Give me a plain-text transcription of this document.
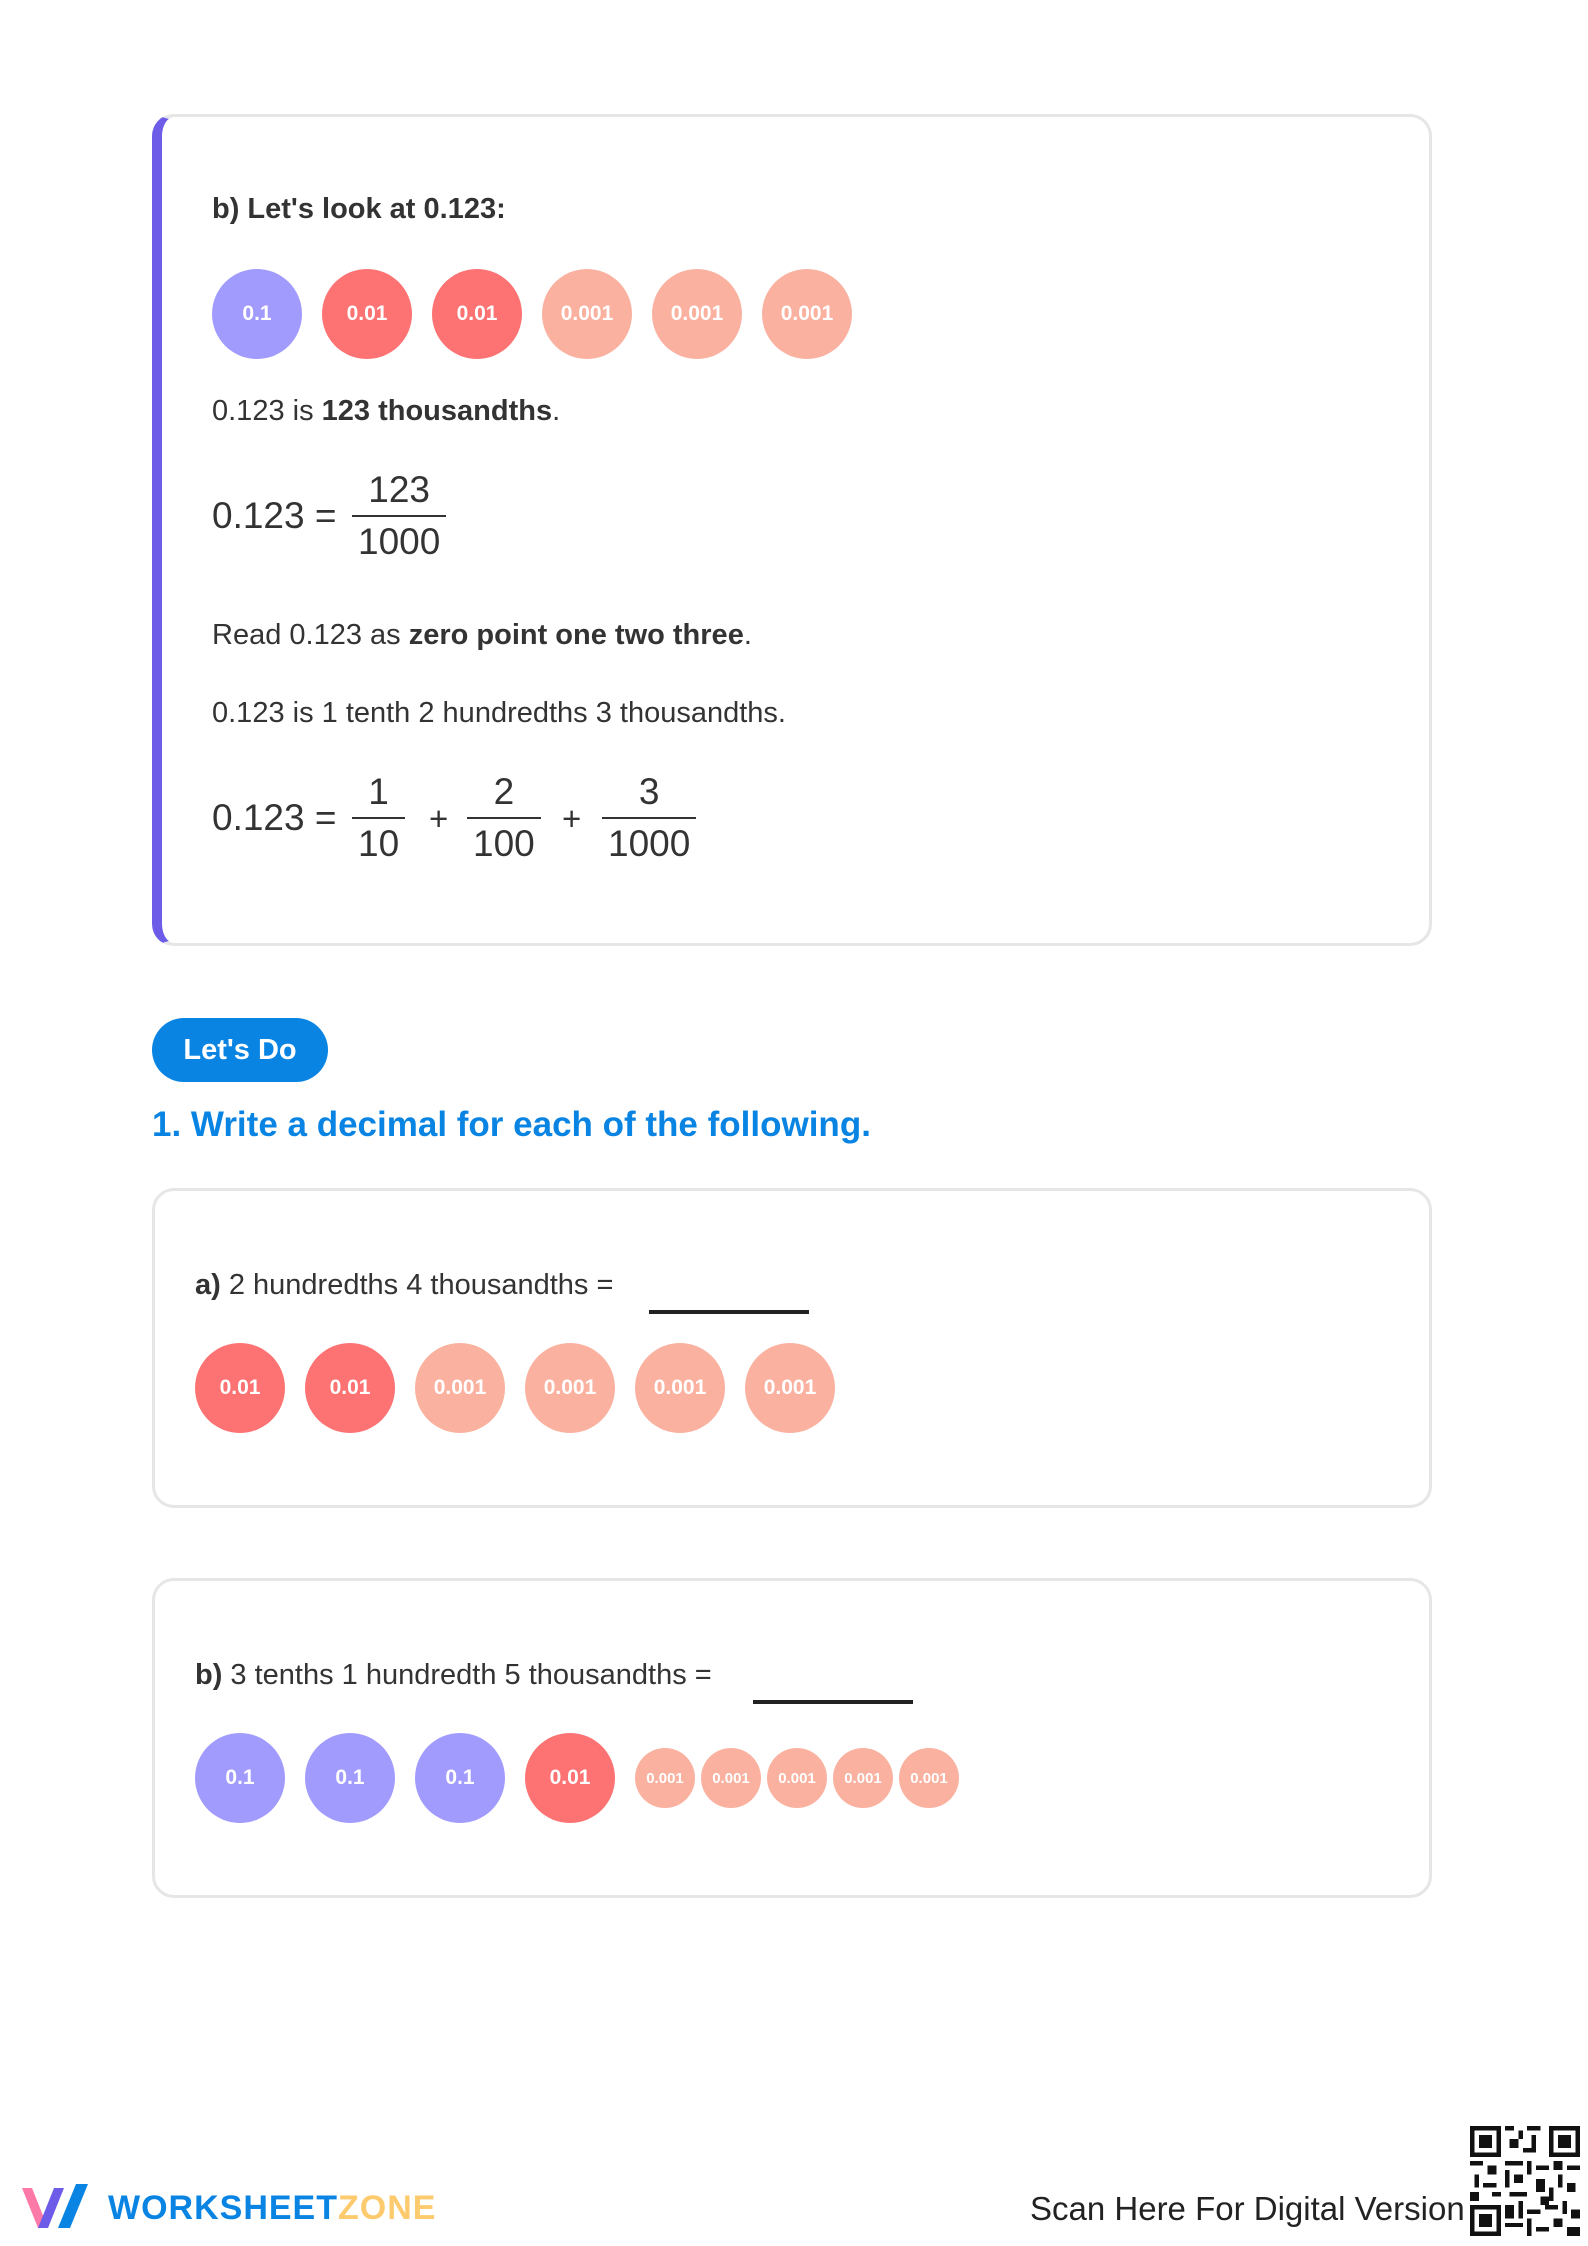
b) Let's look at 0.123:
0.1	0.01	0.01	0.001	0.001	0.001
0.123 is 123 thousandths.
0.123 =
123
1000
Read 0.123 as zero point one two three.
0.123 is 1 tenth 2 hundredths 3 thousandths.
0.123 =
1
10
+
2
100
+
3
1000
Let's Do
1. Write a decimal for each of the following.
a) 2 hundredths 4 thousandths =
0.01	0.01	0.001	0.001	0.001	0.001
b) 3 tenths 1 hundredth 5 thousandths =
0.1	0.1	0.1	0.01	0.001	0.001	0.001	0.001	0.001
WORKSHEETZONE	Scan Here For Digital Version
